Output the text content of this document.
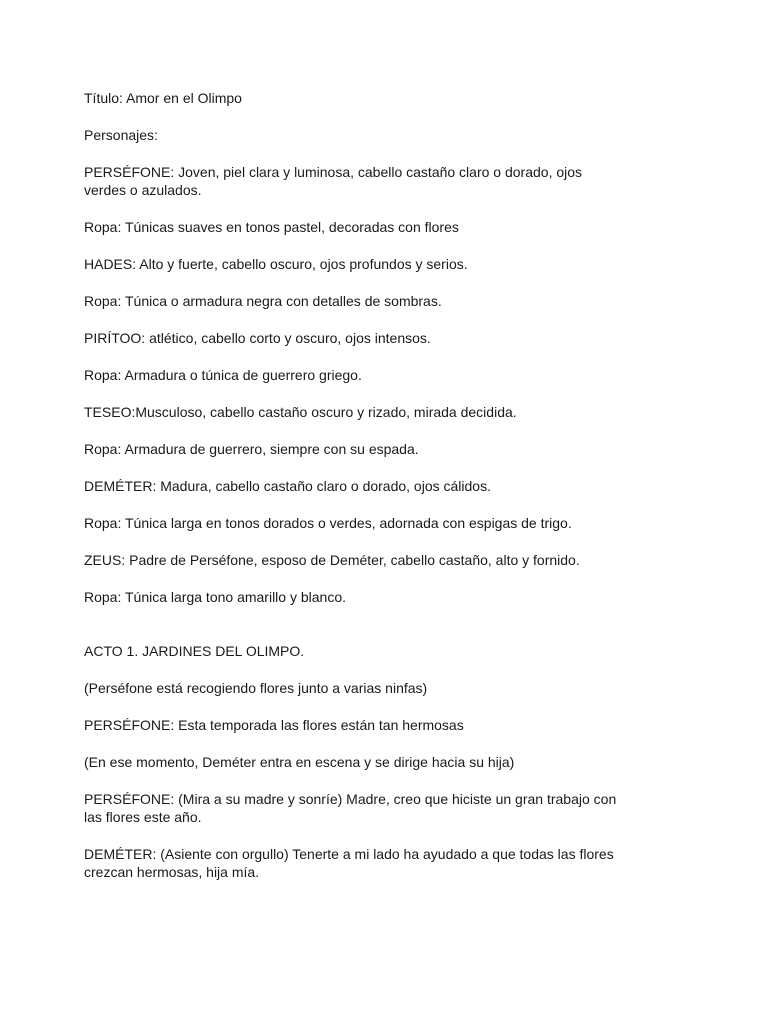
Título: Amor en el Olimpo

Personajes:

PERSÉFONE: Joven, piel clara y luminosa, cabello castaño claro o dorado, ojos verdes o azulados.

Ropa: Túnicas suaves en tonos pastel, decoradas con flores

HADES: Alto y fuerte, cabello oscuro, ojos profundos y serios.

Ropa: Túnica o armadura negra con detalles de sombras.

PIRÍTOO: atlético, cabello corto y oscuro, ojos intensos.

Ropa: Armadura o túnica de guerrero griego.

TESEO:Musculoso, cabello castaño oscuro y rizado, mirada decidida.

Ropa: Armadura de guerrero, siempre con su espada.

DEMÉTER: Madura, cabello castaño claro o dorado, ojos cálidos.

Ropa: Túnica larga en tonos dorados o verdes, adornada con espigas de trigo.

ZEUS: Padre de Perséfone, esposo de Deméter, cabello castaño, alto y fornido.

Ropa: Túnica larga tono amarillo y blanco.

ACTO 1. JARDINES DEL OLIMPO.

(Perséfone está recogiendo flores junto a varias ninfas)

PERSÉFONE: Esta temporada las flores están tan hermosas

(En ese momento, Deméter entra en escena y se dirige hacia su hija)

PERSÉFONE: (Mira a su madre y sonríe) Madre, creo que hiciste un gran trabajo con las flores este año.

DEMÉTER: (Asiente con orgullo) Tenerte a mi lado ha ayudado a que todas las flores crezcan hermosas, hija mía.
